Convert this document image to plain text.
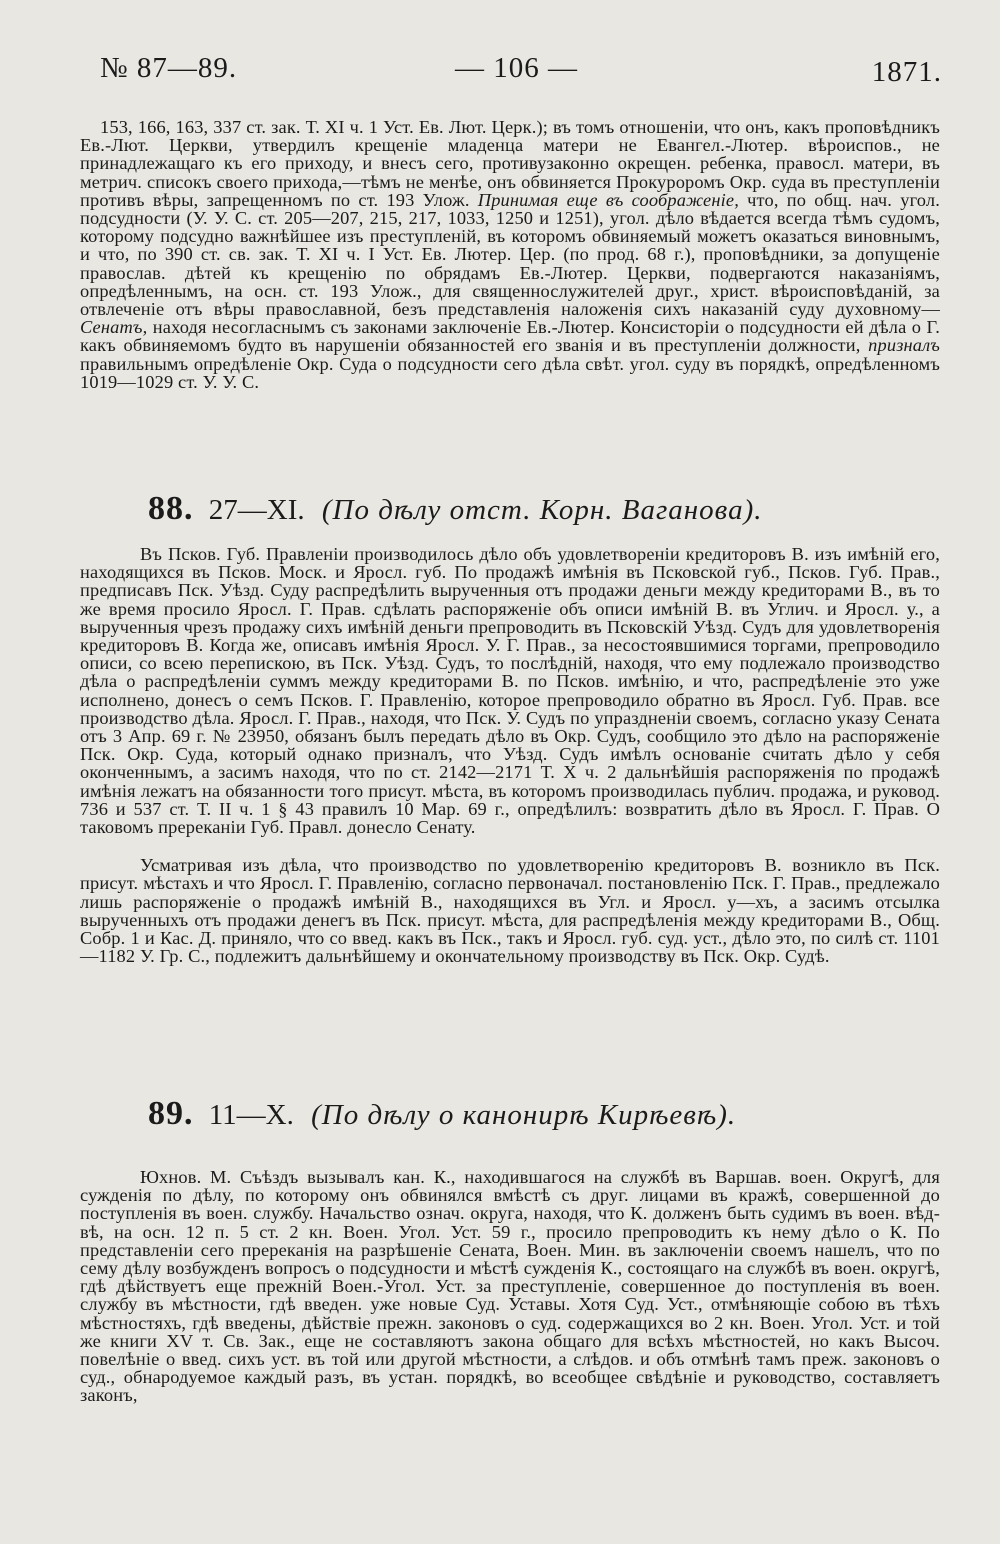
№ 87—89.	— 106 —	1871.

153, 166, 163, 337 ст. зак. Т. XI ч. 1 Уст. Ев. Лют. Церк.); въ томъ отношеніи, что онъ, какъ проповѣдникъ Ев.-Лют. Церкви, утвердилъ крещеніе младенца матери не Евангел.-Лютер. вѣроиспов., не принадлежащаго къ его приходу, и внесъ сего, противузаконно окрещен. ребенка, правосл. матери, въ метрич. списокъ своего прихода,—тѣмъ не менѣе, онъ обвиняется Прокуроромъ Окр. суда въ преступленіи противъ вѣры, запрещенномъ по ст. 193 Улож. Принимая еще въ соображеніе, что, по общ. нач. угол. подсудности (У. У. С. ст. 205—207, 215, 217, 1033, 1250 и 1251), угол. дѣло вѣдается всегда тѣмъ судомъ, которому подсудно важнѣйшее изъ преступленій, въ которомъ обвиняемый можетъ оказаться виновнымъ, и что, по 390 ст. св. зак. Т. XI ч. I Уст. Ев. Лютер. Цер. (по прод. 68 г.), проповѣдники, за допущеніе православ. дѣтей къ крещенію по обрядамъ Ев.-Лютер. Церкви, подвергаются наказаніямъ, опредѣленнымъ, на осн. ст. 193 Улож., для священнослужителей друг., христ. вѣроисповѣданій, за отвлеченіе отъ вѣры православной, безъ представленія наложенія сихъ наказаній суду духовному—Сенатъ, находя несогласнымъ съ законами заключеніе Ев.-Лютер. Консисторіи о подсудности ей дѣла о Г. какъ обвиняемомъ будто въ нарушеніи обязанностей его званія и въ преступленіи должности, призналъ правильнымъ опредѣленіе Окр. Суда о подсудности сего дѣла свѣт. угол. суду въ порядкѣ, опредѣленномъ 1019—1029 ст. У. У. С.

88. 27—XI. (По дѣлу отст. Корн. Ваганова).

Въ Псков. Губ. Правленіи производилось дѣло объ удовлетвореніи кредиторовъ В. изъ имѣній его, находящихся въ Псков. Моск. и Яросл. губ. По продажѣ имѣнія въ Псковской губ., Псков. Губ. Прав., предписавъ Пск. Уѣзд. Суду распредѣлить вырученныя отъ продажи деньги между кредиторами В., въ то же время просило Яросл. Г. Прав. сдѣлать распоряженіе объ описи имѣній В. въ Углич. и Яросл. у., а вырученныя чрезъ продажу сихъ имѣній деньги препроводить въ Псковскій Уѣзд. Судъ для удовлетворенія кредиторовъ В. Когда же, описавъ имѣнія Яросл. У. Г. Прав., за несостоявшимися торгами, препроводило описи, со всею перепискою, въ Пск. Уѣзд. Судъ, то послѣдній, находя, что ему подлежало производство дѣла о распредѣленіи суммъ между кредиторами В. по Псков. имѣнію, и что, распредѣленіе это уже исполнено, донесъ о семъ Псков. Г. Правленію, которое препроводило обратно въ Яросл. Губ. Прав. все производство дѣла. Яросл. Г. Прав., находя, что Пск. У. Судъ по упраздненіи своемъ, согласно указу Сената отъ 3 Апр. 69 г. № 23950, обязанъ былъ передать дѣло въ Окр. Судъ, сообщило это дѣло на распоряженіе Пск. Окр. Суда, который однако призналъ, что Уѣзд. Судъ имѣлъ основаніе считать дѣло у себя оконченнымъ, а засимъ находя, что по ст. 2142—2171 Т. X ч. 2 дальнѣйшія распоряженія по продажѣ имѣнія лежатъ на обязанности того присут. мѣста, въ которомъ производилась публич. продажа, и руковод. 736 и 537 ст. Т. II ч. 1 § 43 правилъ 10 Мар. 69 г., опредѣлилъ: возвратить дѣло въ Яросл. Г. Прав. О таковомъ пререканіи Губ. Правл. донесло Сенату.

Усматривая изъ дѣла, что производство по удовлетворенію кредиторовъ В. возникло въ Пск. присут. мѣстахъ и что Яросл. Г. Правленію, согласно первоначал. постановленію Пск. Г. Прав., предлежало лишь распоряженіе о продажѣ имѣній В., находящихся въ Угл. и Яросл. у—хъ, а засимъ отсылка вырученныхъ отъ продажи денегъ въ Пск. присут. мѣста, для распредѣленія между кредиторами В., Общ. Собр. 1 и Кас. Д. приняло, что со введ. какъ въ Пск., такъ и Яросл. губ. суд. уст., дѣло это, по силѣ ст. 1101—1182 У. Гр. С., подлежитъ дальнѣйшему и окончательному производству въ Пск. Окр. Судѣ.

89. 11—X. (По дѣлу о канонирѣ Кирѣевѣ).

Юхнов. М. Съѣздъ вызывалъ кан. К., находившагося на службѣ въ Варшав. воен. Округѣ, для сужденія по дѣлу, по которому онъ обвинялся вмѣстѣ съ друг. лицами въ кражѣ, совершенной до поступленія въ воен. службу. Начальство означ. округа, находя, что К. долженъ быть судимъ въ воен. вѣд-вѣ, на осн. 12 п. 5 ст. 2 кн. Воен. Угол. Уст. 59 г., просило препроводить къ нему дѣло о К. По представленіи сего пререканія на разрѣшеніе Сената, Воен. Мин. въ заключеніи своемъ нашелъ, что по сему дѣлу возбужденъ вопросъ о подсудности и мѣстѣ сужденія К., состоящаго на службѣ въ воен. округѣ, гдѣ дѣйствуетъ еще прежній Воен.-Угол. Уст. за преступленіе, совершенное до поступленія въ воен. службу въ мѣстности, гдѣ введен. уже новые Суд. Уставы. Хотя Суд. Уст., отмѣняющіе собою въ тѣхъ мѣстностяхъ, гдѣ введены, дѣйствіе прежн. законовъ о суд. содержащихся во 2 кн. Воен. Угол. Уст. и той же книги XV т. Св. Зак., еще не составляютъ закона общаго для всѣхъ мѣстностей, но какъ Высоч. повелѣніе о введ. сихъ уст. въ той или другой мѣстности, а слѣдов. и объ отмѣнѣ тамъ преж. законовъ о суд., обнародуемое каждый разъ, въ устан. порядкѣ, во всеобщее свѣдѣніе и руководство, составляетъ законъ,
